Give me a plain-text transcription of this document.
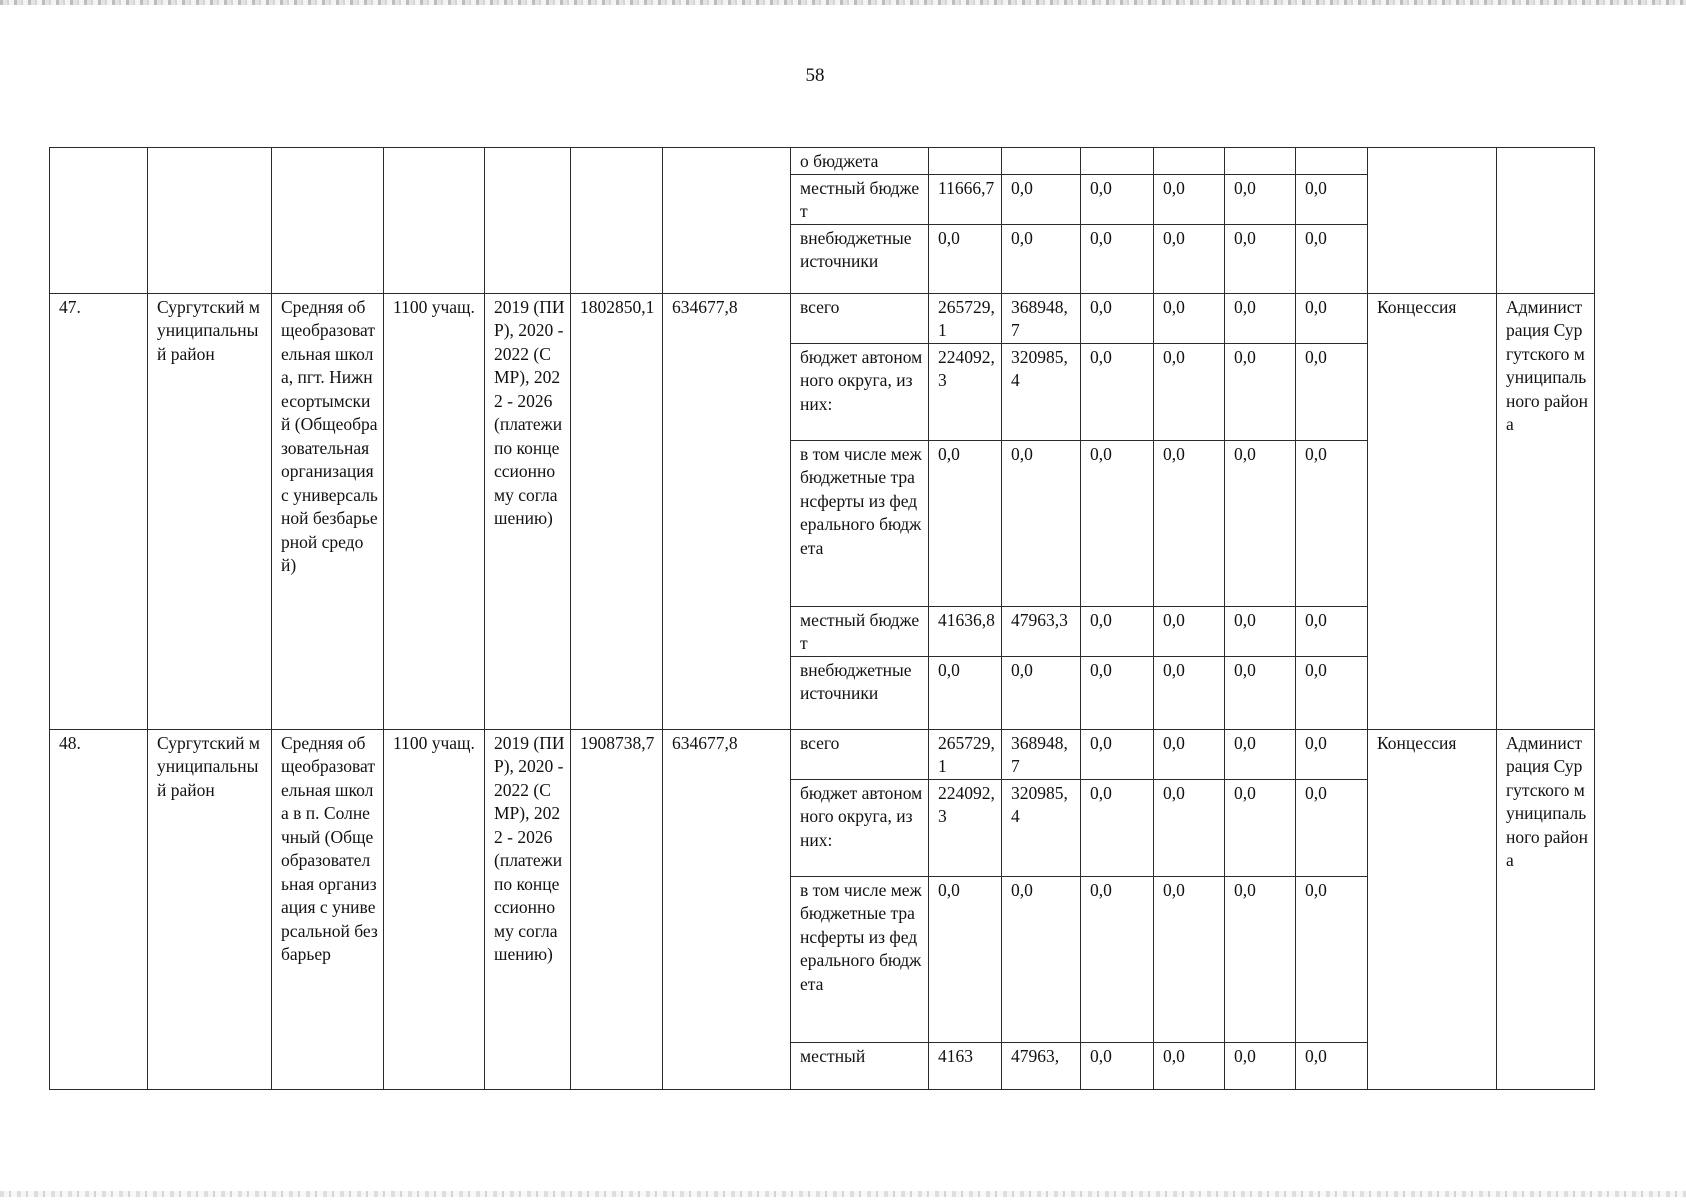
58
							о бюджета								
							местный бюджет	11666,7	0,0	0,0	0,0	0,0	0,0		
							внебюджетные источники	0,0	0,0	0,0	0,0	0,0	0,0		
47.	Сургутский муниципальный район	Средняя общеобразовательная школа, пгт. Нижнесортымский (Общеобразовательная организация с универсальной безбарьерной средой)	1100 учащ.	2019 (ПИР), 2020 - 2022 (СМР), 2022 - 2026 (платежи по концессионному соглашению)	1802850,1	634677,8	всего	265729,1	368948,7	0,0	0,0	0,0	0,0	Концессия	Администрация Сургутского муниципального района
							бюджет автономного округа, из них:	224092,3	320985,4	0,0	0,0	0,0	0,0		
							в том числе межбюджетные трансферты из федерального бюджета	0,0	0,0	0,0	0,0	0,0	0,0		
							местный бюджет	41636,8	47963,3	0,0	0,0	0,0	0,0		
							внебюджетные источники	0,0	0,0	0,0	0,0	0,0	0,0		
48.	Сургутский муниципальный район	Средняя общеобразовательная школа в п. Солнечный (Общеобразовательная организация с универсальной безбарьер	1100 учащ.	2019 (ПИР), 2020 - 2022 (СМР), 2022 - 2026 (платежи по концессионному соглашению)	1908738,7	634677,8	всего	265729,1	368948,7	0,0	0,0	0,0	0,0	Концессия	Администрация Сургутского муниципального района
							бюджет автономного округа, из них:	224092,3	320985,4	0,0	0,0	0,0	0,0		
							в том числе межбюджетные трансферты из федерального бюджета	0,0	0,0	0,0	0,0	0,0	0,0		
							местный	4163	47963,	0,0	0,0	0,0	0,0		
